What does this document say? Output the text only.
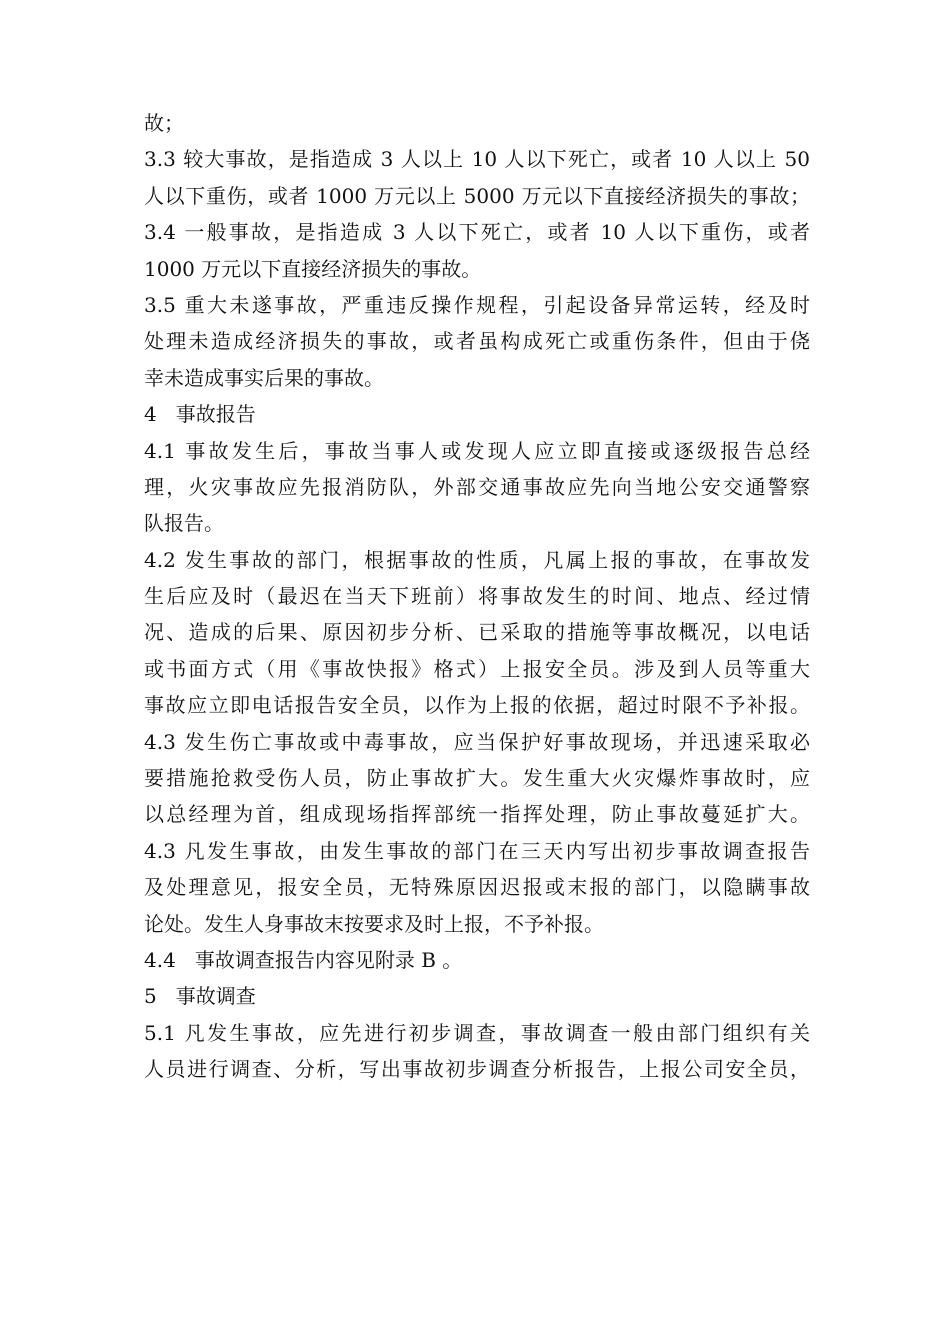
故；
3.3 较大事故，是指造成 3 人以上 10 人以下死亡，或者 10 人以上 50
人以下重伤，或者 1000 万元以上 5000 万元以下直接经济损失的事故；
3.4 一般事故，是指造成 3 人以下死亡，或者 10 人以下重伤，或者
1000 万元以下直接经济损失的事故。
3.5 重大未遂事故，严重违反操作规程，引起设备异常运转，经及时
处理未造成经济损失的事故，或者虽构成死亡或重伤条件，但由于侥
幸未造成事实后果的事故。
4   事故报告
4.1 事故发生后，事故当事人或发现人应立即直接或逐级报告总经
理，火灾事故应先报消防队，外部交通事故应先向当地公安交通警察
队报告。
4.2 发生事故的部门，根据事故的性质，凡属上报的事故，在事故发
生后应及时（最迟在当天下班前）将事故发生的时间、地点、经过情
况、造成的后果、原因初步分析、已采取的措施等事故概况，以电话
或书面方式（用《事故快报》格式）上报安全员。涉及到人员等重大
事故应立即电话报告安全员，以作为上报的依据，超过时限不予补报。
4.3 发生伤亡事故或中毒事故，应当保护好事故现场，并迅速采取必
要措施抢救受伤人员，防止事故扩大。发生重大火灾爆炸事故时，应
以总经理为首，组成现场指挥部统一指挥处理，防止事故蔓延扩大。
4.3 凡发生事故，由发生事故的部门在三天内写出初步事故调查报告
及处理意见，报安全员，无特殊原因迟报或末报的部门，以隐瞒事故
论处。发生人身事故末按要求及时上报，不予补报。
4.4   事故调查报告内容见附录 B 。
5   事故调查
5.1 凡发生事故，应先进行初步调查，事故调查一般由部门组织有关
人员进行调查、分析，写出事故初步调查分析报告，上报公司安全员，
